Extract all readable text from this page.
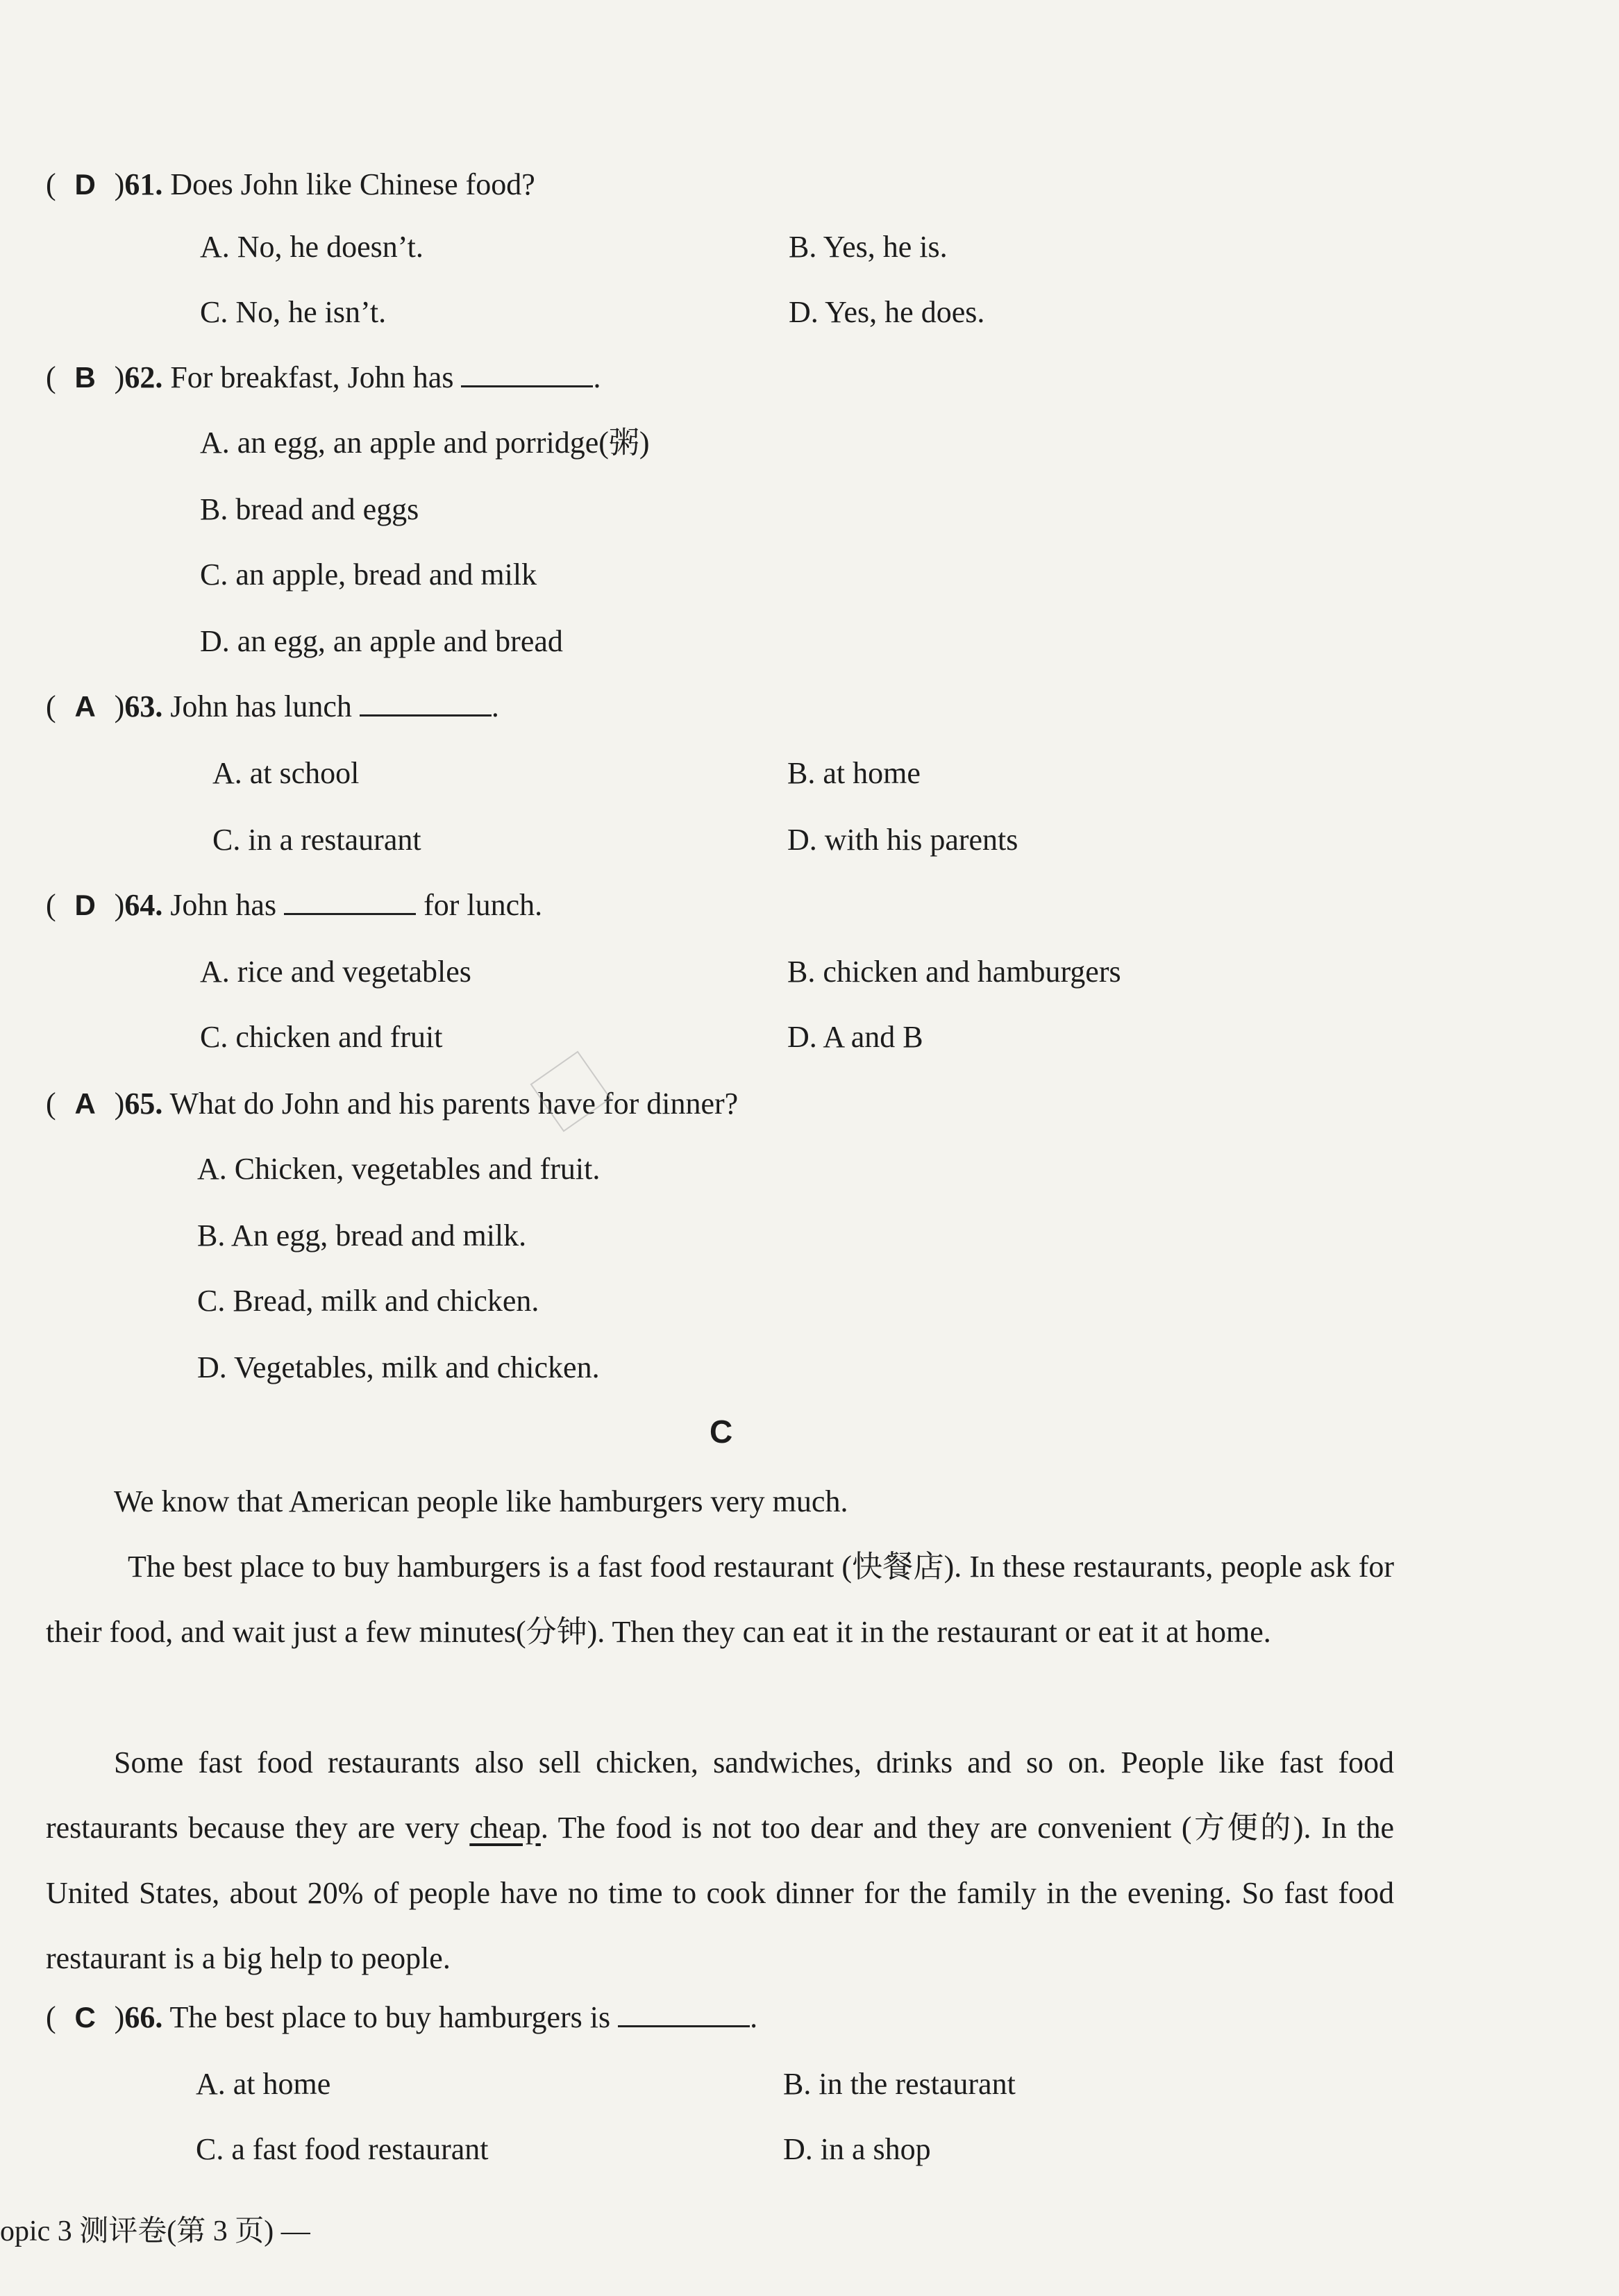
( D )61. Does John like Chinese food?
A. No, he doesn’t.	B. Yes, he is.
C. No, he isn’t.	D. Yes, he does.
( B )62. For breakfast, John has	.
A. an egg, an apple and porridge(粥)
B. bread and eggs
C. an apple, bread and milk
D. an egg, an apple and bread
( A )63. John has lunch	.
A. at school	B. at home
C. in a restaurant	D. with his parents
( D )64. John has	for lunch.
A. rice and vegetables	B. chicken and hamburgers
C. chicken and fruit	D. A and B
( A )65. What do John and his parents have for dinner?
A. Chicken, vegetables and fruit.
B. An egg, bread and milk.
C. Bread, milk and chicken.
D. Vegetables, milk and chicken.
C
We know that American people like hamburgers very much.
The best place to buy hamburgers is a fast food restaurant (快餐店). In these restaurants, people ask for their food, and wait just a few minutes(分钟). Then they can eat it in the restaurant or eat it at home.
Some fast food restaurants also sell chicken, sandwiches, drinks and so on. People like fast food restaurants because they are very cheap. The food is not too dear and they are convenient (方便的). In the United States, about 20% of people have no time to cook dinner for the family in the evening. So fast food restaurant is a big help to people.
( C )66. The best place to buy hamburgers is	.
A. at home	B. in the restaurant
C. a fast food restaurant	D. in a shop
opic 3 测评卷(第 3 页) —
